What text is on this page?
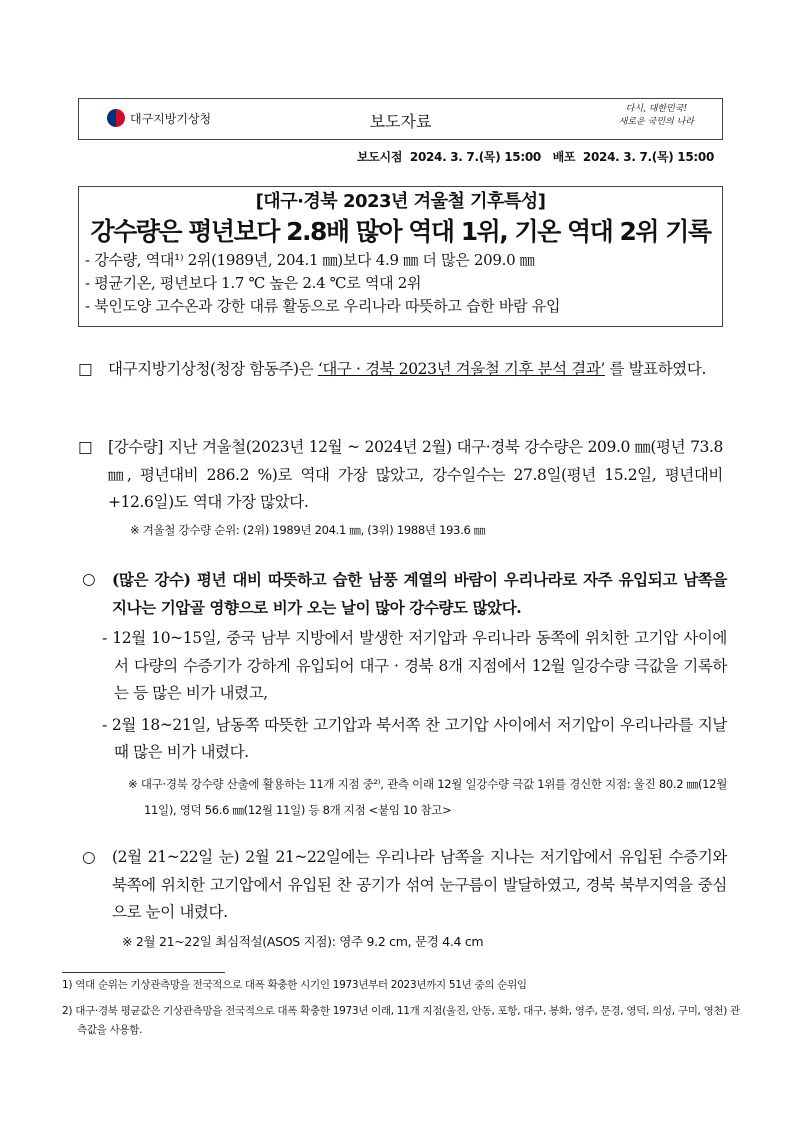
대구지방기상청	보도자료
다시, 대한민국!
새로운 국민의 나라
보도시점  2024. 3. 7.(목) 15:00   배포  2024. 3. 7.(목) 15:00
[대구·경북 2023년 겨울철 기후특성]
강수량은 평년보다 2.8배 많아 역대 1위, 기온 역대 2위 기록
- 강수량, 역대¹⁾ 2위(1989년, 204.1 ㎜)보다 4.9 ㎜ 더 많은 209.0 ㎜
- 평균기온, 평년보다 1.7 ℃ 높은 2.4 ℃로 역대 2위
- 북인도양 고수온과 강한 대류 활동으로 우리나라 따뜻하고 습한 바람 유입
□	대구지방기상청(청장 함동주)은 ‘대구 · 경북 2023년 겨울철 기후 분석 결과’ 를 발표하였다.
□	[강수량] 지난 겨울철(2023년 12월 ~ 2024년 2월) 대구·경북 강수량은 209.0 ㎜(평년 73.8 ㎜, 평년대비 286.2 %)로 역대 가장 많았고, 강수일수는 27.8일(평년 15.2일, 평년대비 +12.6일)도 역대 가장 많았다.
※ 겨울철 강수량 순위: (2위) 1989년 204.1 ㎜, (3위) 1988년 193.6 ㎜
○	(많은 강수) 평년 대비 따뜻하고 습한 남풍 계열의 바람이 우리나라로 자주 유입되고 남쪽을 지나는 기압골 영향으로 비가 오는 날이 많아 강수량도 많았다.
- 12월 10~15일, 중국 남부 지방에서 발생한 저기압과 우리나라 동쪽에 위치한 고기압 사이에서 다량의 수증기가 강하게 유입되어 대구 · 경북 8개 지점에서 12월 일강수량 극값을 기록하는 등 많은 비가 내렸고,
- 2월 18~21일, 남동쪽 따뜻한 고기압과 북서쪽 찬 고기압 사이에서 저기압이 우리나라를 지날 때 많은 비가 내렸다.
※ 대구·경북 강수량 산출에 활용하는 11개 지점 중²⁾, 관측 이래 12월 일강수량 극값 1위를 경신한 지점: 울진 80.2 ㎜(12월 11일), 영덕 56.6 ㎜(12월 11일) 등 8개 지점 <붙임 10 참고>
○	(2월 21~22일 눈) 2월 21~22일에는 우리나라 남쪽을 지나는 저기압에서 유입된 수증기와 북쪽에 위치한 고기압에서 유입된 찬 공기가 섞여 눈구름이 발달하였고, 경북 북부지역을 중심으로 눈이 내렸다.
※ 2월 21~22일 최심적설(ASOS 지점): 영주 9.2 cm, 문경 4.4 cm
1) 역대 순위는 기상관측망을 전국적으로 대폭 확충한 시기인 1973년부터 2023년까지 51년 중의 순위임
2) 대구·경북 평균값은 기상관측망을 전국적으로 대폭 확충한 1973년 이래, 11개 지점(울진, 안동, 포항, 대구, 봉화, 영주, 문경, 영덕, 의성, 구미, 영천) 관측값을 사용함.
